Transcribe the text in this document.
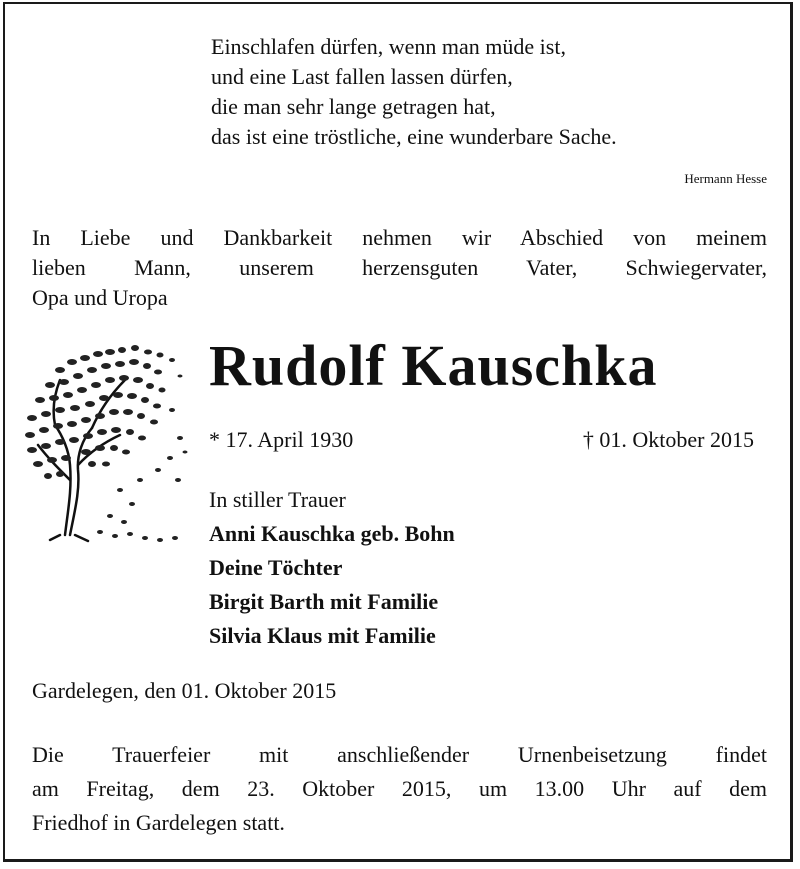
Einschlafen dürfen, wenn man müde ist,
und eine Last fallen lassen dürfen,
die man sehr lange getragen hat,
das ist eine tröstliche, eine wunderbare Sache.
Hermann Hesse
In Liebe und Dankbarkeit nehmen wir Abschied von meinem
lieben Mann, unserem herzensguten Vater, Schwiegervater,
Opa und Uropa
Rudolf Kauschka
* 17. April 1930	† 01. Oktober 2015
In stiller Trauer
Anni Kauschka geb. Bohn
Deine Töchter
Birgit Barth mit Familie
Silvia Klaus mit Familie
Gardelegen, den 01. Oktober 2015
Die Trauerfeier mit anschließender Urnenbeisetzung findet
am Freitag, dem 23. Oktober 2015, um 13.00 Uhr auf dem
Friedhof in Gardelegen statt.
